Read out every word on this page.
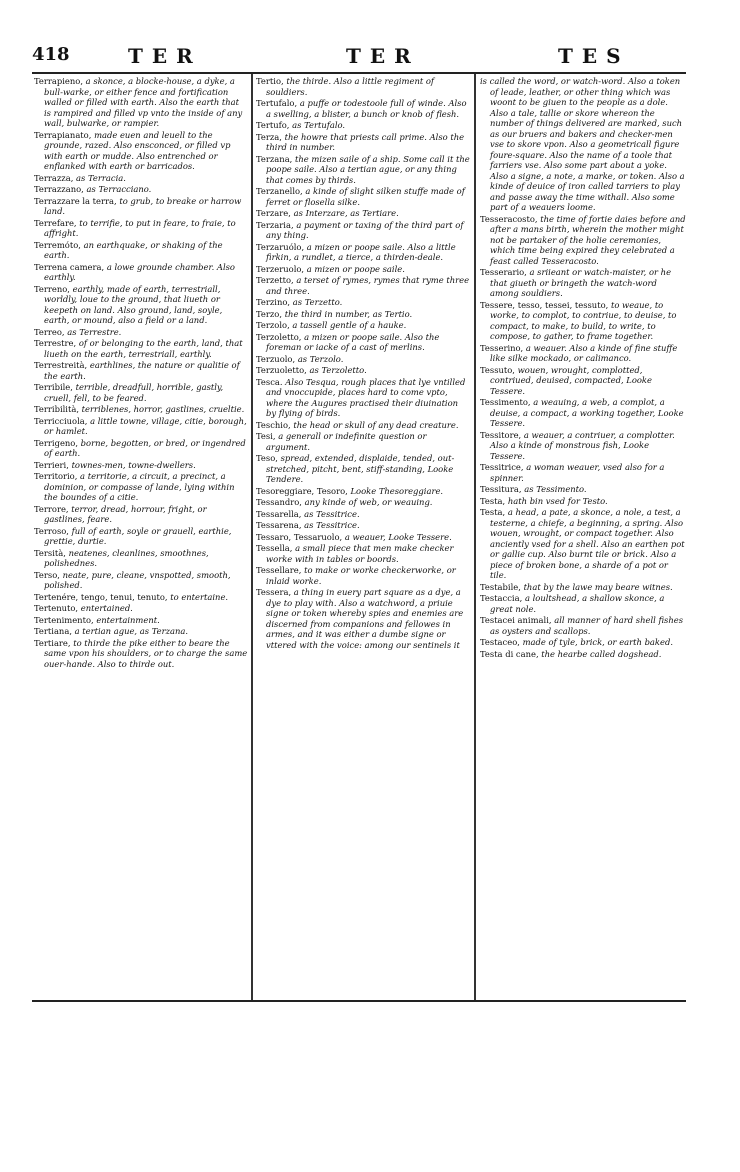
418	TER	TER	TES

Terrapieno, a skonce, a blocke-house, a dyke, a bull-warke, or either fence and fortification walled or filled with earth. Also the earth that is rampired and filled vp vnto the inside of any wall, bulwarke, or rampier.

Terrapianato, made euen and leuell to the grounde, razed. Also ensconced, or filled vp with earth or mudde. Also entrenched or enflanked with earth or barricados.

Terrazza, as Terracia.

Terrazzano, as Terracciano.

Terrazzare la terra, to grub, to breake or harrow land.

Terrefare, to terrifie, to put in feare, to fraie, to affright.

Terremóto, an earthquake, or shaking of the earth.

Terrena camera, a lowe grounde chamber. Also earthly.

Terreno, earthly, made of earth, terrestriall, worldly, loue to the ground, that liueth or keepeth on land. Also ground, land, soyle, earth, or mound, also a field or a land.

Terreo, as Terrestre.

Terrestre, of or belonging to the earth, land, that liueth on the earth, terrestriall, earthly.

Terrestreità, earthlines, the nature or qualitie of the earth.

Terribile, terrible, dreadfull, horrible, gastly, cruell, fell, to be feared.

Terribilità, terriblenes, horror, gastlines, crueltie.

Terricciuola, a little towne, village, citie, borough, or hamlet.

Terrigeno, borne, begotten, or bred, or ingendred of earth.

Terrieri, townes-men, towne-dwellers.

Territorio, a territorie, a circuit, a precinct, a dominion, or compasse of lande, lying within the boundes of a citie.

Terrore, terror, dread, horrour, fright, or gastlines, feare.

Terroso, full of earth, soyle or grauell, earthie, grettie, durtie.

Tersità, neatenes, cleanlines, smoothnes, polishednes.

Terso, neate, pure, cleane, vnspotted, smooth, polished.

Tertenére, tengo, tenui, tenuto, to entertaine.

Tertenuto, entertained.

Tertenimento, entertainment.

Tertiana, a tertian ague, as Terzana.

Tertiare, to thirde the pike either to beare the same vpon his shoulders, or to charge the same ouer-hande. Also to thirde out.

Tertio, the thirde. Also a little regiment of souldiers.

Tertufalo, a puffe or todestoole full of winde. Also a swelling, a blister, a bunch or knob of flesh.

Tertufo, as Tertufalo.

Terza, the howre that priests call prime. Also the third in number.

Terzana, the mizen saile of a ship. Some call it the poope saile. Also a tertian ague, or any thing that comes by thirds.

Terzanello, a kinde of slight silken stuffe made of ferret or flosella silke.

Terzare, as Interzare, as Tertiare.

Terzaria, a payment or taxing of the third part of any thing.

Terzaruólo, a mizen or poope saile. Also a little firkin, a rundlet, a tierce, a thirden-deale.

Terzeruolo, a mizen or poope saile.

Terzetto, a terset of rymes, rymes that ryme three and three.

Terzino, as Terzetto.

Terzo, the third in number, as Tertio.

Terzolo, a tassell gentle of a hauke.

Terzoletto, a mizen or poope saile. Also the foreman or iacke of a cast of merlins.

Terzuolo, as Terzolo.

Terzuoletto, as Terzoletto.

Tesca. Also Tesqua, rough places that lye vntilled and vnoccupide, places hard to come vpto, where the Augures practised their diuination by flying of birds.

Teschio, the head or skull of any dead creature.

Tesi, a generall or indefinite question or argument.

Teso, spread, extended, displaide, tended, out-stretched, pitcht, bent, stiff-standing, Looke Tendere.

Tesoreggiare, Tesoro, Looke Thesoreggiare.

Tessandro, any kinde of web, or weauing.

Tessarella, as Tessitrice.

Tessarena, as Tessitrice.

Tessaro, Tessaruolo, a weauer, Looke Tessere.

Tessella, a small piece that men make checker worke with in tables or boords.

Tessellare, to make or worke checkerworke, or inlaid worke.

Tessera, a thing in euery part square as a dye, a dye to play with. Also a watchword, a priuie signe or token whereby spies and enemies are discerned from companions and fellowes in armes, and it was either a dumbe signe or vttered with the voice: among our sentinels it

is called the word, or watch-word. Also a token of leade, leather, or other thing which was woont to be giuen to the people as a dole. Also a tale, tallie or skore whereon the number of things delivered are marked, such as our bruers and bakers and checker-men vse to skore vpon. Also a geometricall figure foure-square. Also the name of a toole that farriers vse. Also some part about a yoke. Also a signe, a note, a marke, or token. Also a kinde of deuice of iron called tarriers to play and passe away the time withall. Also some part of a weauers loome.

Tesseracosto, the time of fortie daies before and after a mans birth, wherein the mother might not be partaker of the holie ceremonies, which time being expired they celebrated a feast called Tesseracosto.

Tesserario, a sriieant or watch-maister, or he that giueth or bringeth the watch-word among souldiers.

Tessere, tesso, tessei, tessuto, to weaue, to worke, to complot, to contriue, to deuise, to compact, to make, to build, to write, to compose, to gather, to frame together.

Tesserino, a weauer. Also a kinde of fine stuffe like silke mockado, or calimanco.

Tessuto, wouen, wrought, complotted, contriued, deuised, compacted, Looke Tessere.

Tessimento, a weauing, a web, a complot, a deuise, a compact, a working together, Looke Tessere.

Tessitore, a weauer, a contriuer, a complotter. Also a kinde of monstrous fish, Looke Tessere.

Tessitrice, a woman weauer, vsed also for a spinner.

Tessitura, as Tessimento.

Testa, hath bin vsed for Testo.

Testa, a head, a pate, a skonce, a nole, a test, a testerne, a chiefe, a beginning, a spring. Also wouen, wrought, or compact together. Also anciently vsed for a shell. Also an earthen pot or gallie cup. Also burnt tile or brick. Also a piece of broken bone, a sharde of a pot or tile.

Testabile, that by the lawe may beare witnes.

Testaccia, a loultshead, a shallow skonce, a great nole.

Testacei animali, all manner of hard shell fishes as oysters and scallops.

Testaceo, made of tyle, brick, or earth baked.

Testa di cane, the hearbe called dogshead.
